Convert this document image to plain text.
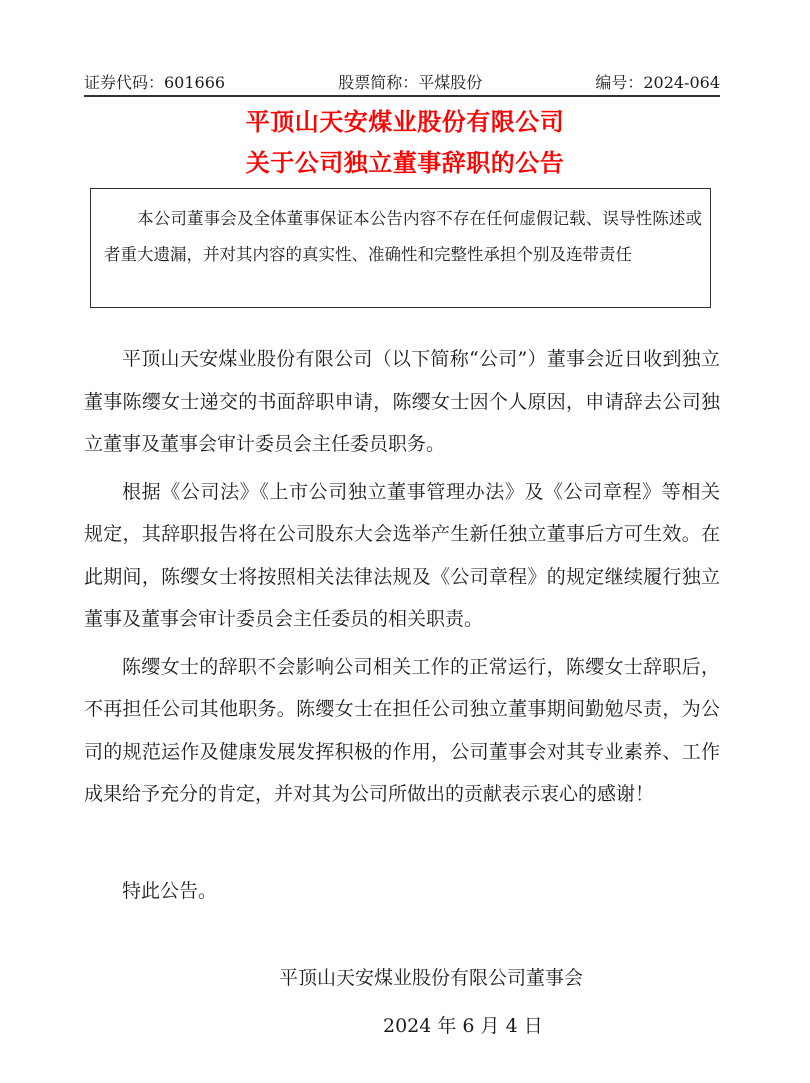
证券代码：601666	股票简称：平煤股份	编号：2024-064
平顶山天安煤业股份有限公司
关于公司独立董事辞职的公告
本公司董事会及全体董事保证本公告内容不存在任何虚假记载、误导性陈述或者重大遗漏，并对其内容的真实性、准确性和完整性承担个别及连带责任

平顶山天安煤业股份有限公司（以下简称“公司”）董事会近日收到独立董事陈缨女士递交的书面辞职申请，陈缨女士因个人原因，申请辞去公司独立董事及董事会审计委员会主任委员职务。

根据《公司法》《上市公司独立董事管理办法》及《公司章程》等相关规定，其辞职报告将在公司股东大会选举产生新任独立董事后方可生效。在此期间，陈缨女士将按照相关法律法规及《公司章程》的规定继续履行独立董事及董事会审计委员会主任委员的相关职责。

陈缨女士的辞职不会影响公司相关工作的正常运行，陈缨女士辞职后，不再担任公司其他职务。陈缨女士在担任公司独立董事期间勤勉尽责，为公司的规范运作及健康发展发挥积极的作用，公司董事会对其专业素养、工作成果给予充分的肯定，并对其为公司所做出的贡献表示衷心的感谢！

特此公告。
平顶山天安煤业股份有限公司董事会
2024 年 6 月 4 日
